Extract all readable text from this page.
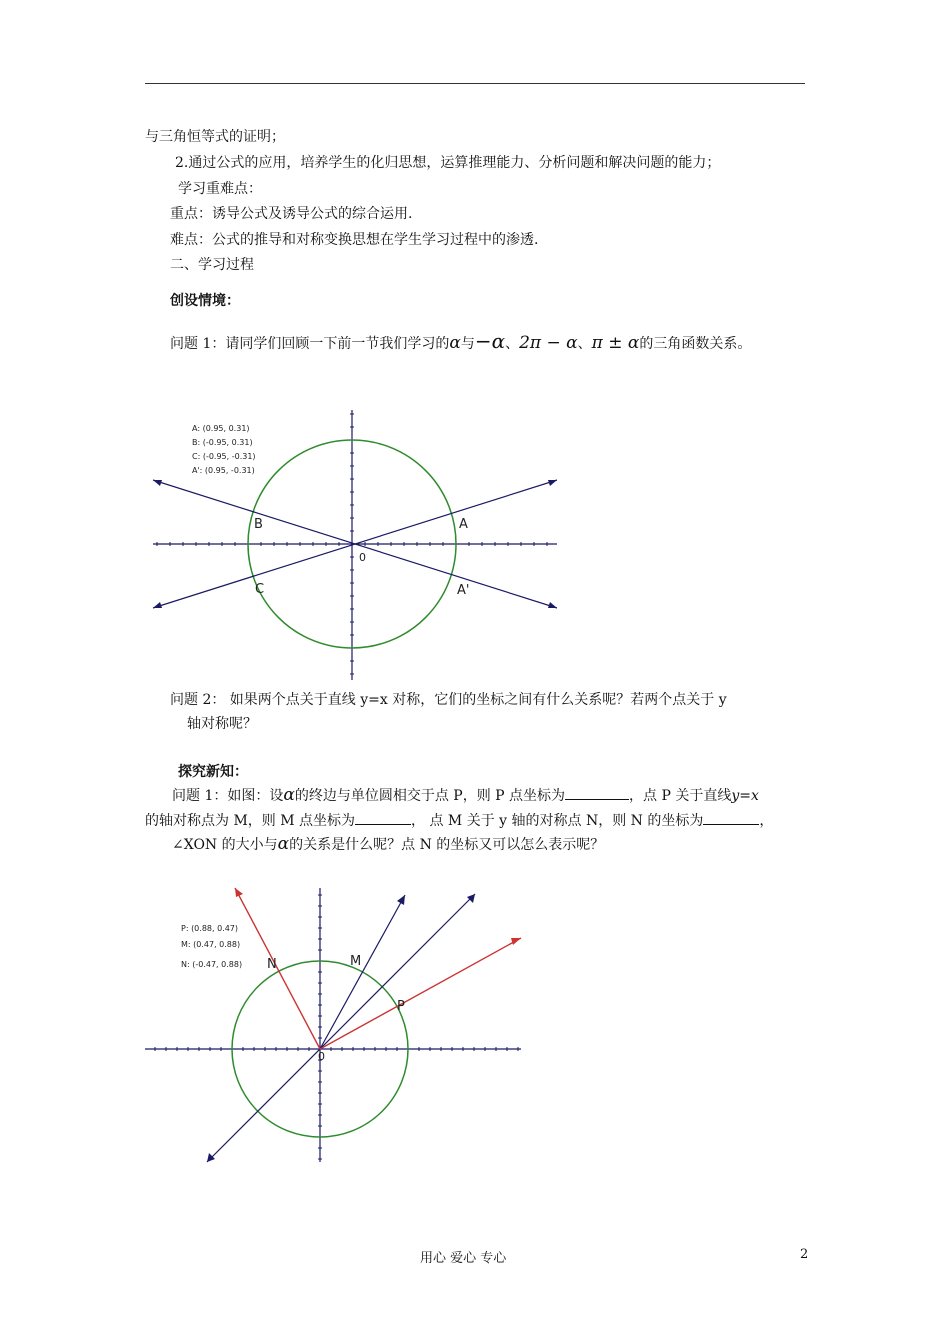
与三角恒等式的证明；
2.通过公式的应用，培养学生的化归思想，运算推理能力、分析问题和解决问题的能力；
学习重难点：
重点：诱导公式及诱导公式的综合运用.
难点：公式的推导和对称变换思想在学生学习过程中的渗透.
二、学习过程
创设情境：
问题 1：请同学们回顾一下前一节我们学习的α与−α、2π − α、π ± α的三角函数关系。
A: (0.95, 0.31)
B: (-0.95, 0.31)
C: (-0.95, -0.31)
A': (0.95, -0.31)
B	A
C	A'
0
问题 2： 如果两个点关于直线 y=x 对称，它们的坐标之间有什么关系呢？若两个点关于 y
轴对称呢？
探究新知：
问题 1：如图：设α的终边与单位圆相交于点 P，则 P 点坐标为	，点 P 关于直线y=x
的轴对称点为 M，则 M 点坐标为	， 点 M 关于 y 轴的对称点 N，则 N 的坐标为	，
∠XON 的大小与α的关系是什么呢？点 N 的坐标又可以怎么表示呢？
P: (0.88, 0.47)
M: (0.47, 0.88)
N: (-0.47, 0.88) N	M
P
0
用心 爱心 专心	2
